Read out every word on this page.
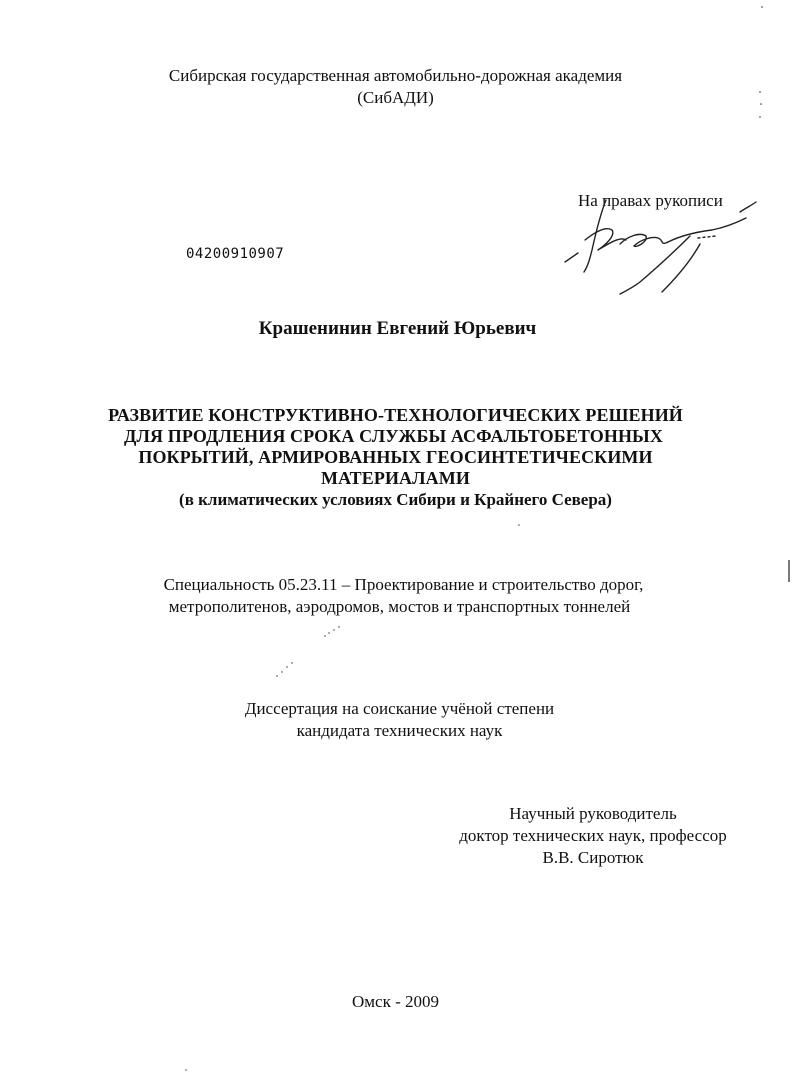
Сибирская государственная автомобильно-дорожная академия
(СибАДИ)
На правах рукописи
04200910907
Крашенинин Евгений Юрьевич
РАЗВИТИЕ КОНСТРУКТИВНО-ТЕХНОЛОГИЧЕСКИХ РЕШЕНИЙ
ДЛЯ ПРОДЛЕНИЯ СРОКА СЛУЖБЫ АСФАЛЬТОБЕТОННЫХ
ПОКРЫТИЙ, АРМИРОВАННЫХ ГЕОСИНТЕТИЧЕСКИМИ
МАТЕРИАЛАМИ
(в климатических условиях Сибири и Крайнего Севера)
Специальность 05.23.11 – Проектирование и строительство дорог,
метрополитенов, аэродромов, мостов и транспортных тоннелей
Диссертация на соискание учёной степени
кандидата технических наук
Научный руководитель
доктор технических наук, профессор
В.В. Сиротюк
Омск - 2009
